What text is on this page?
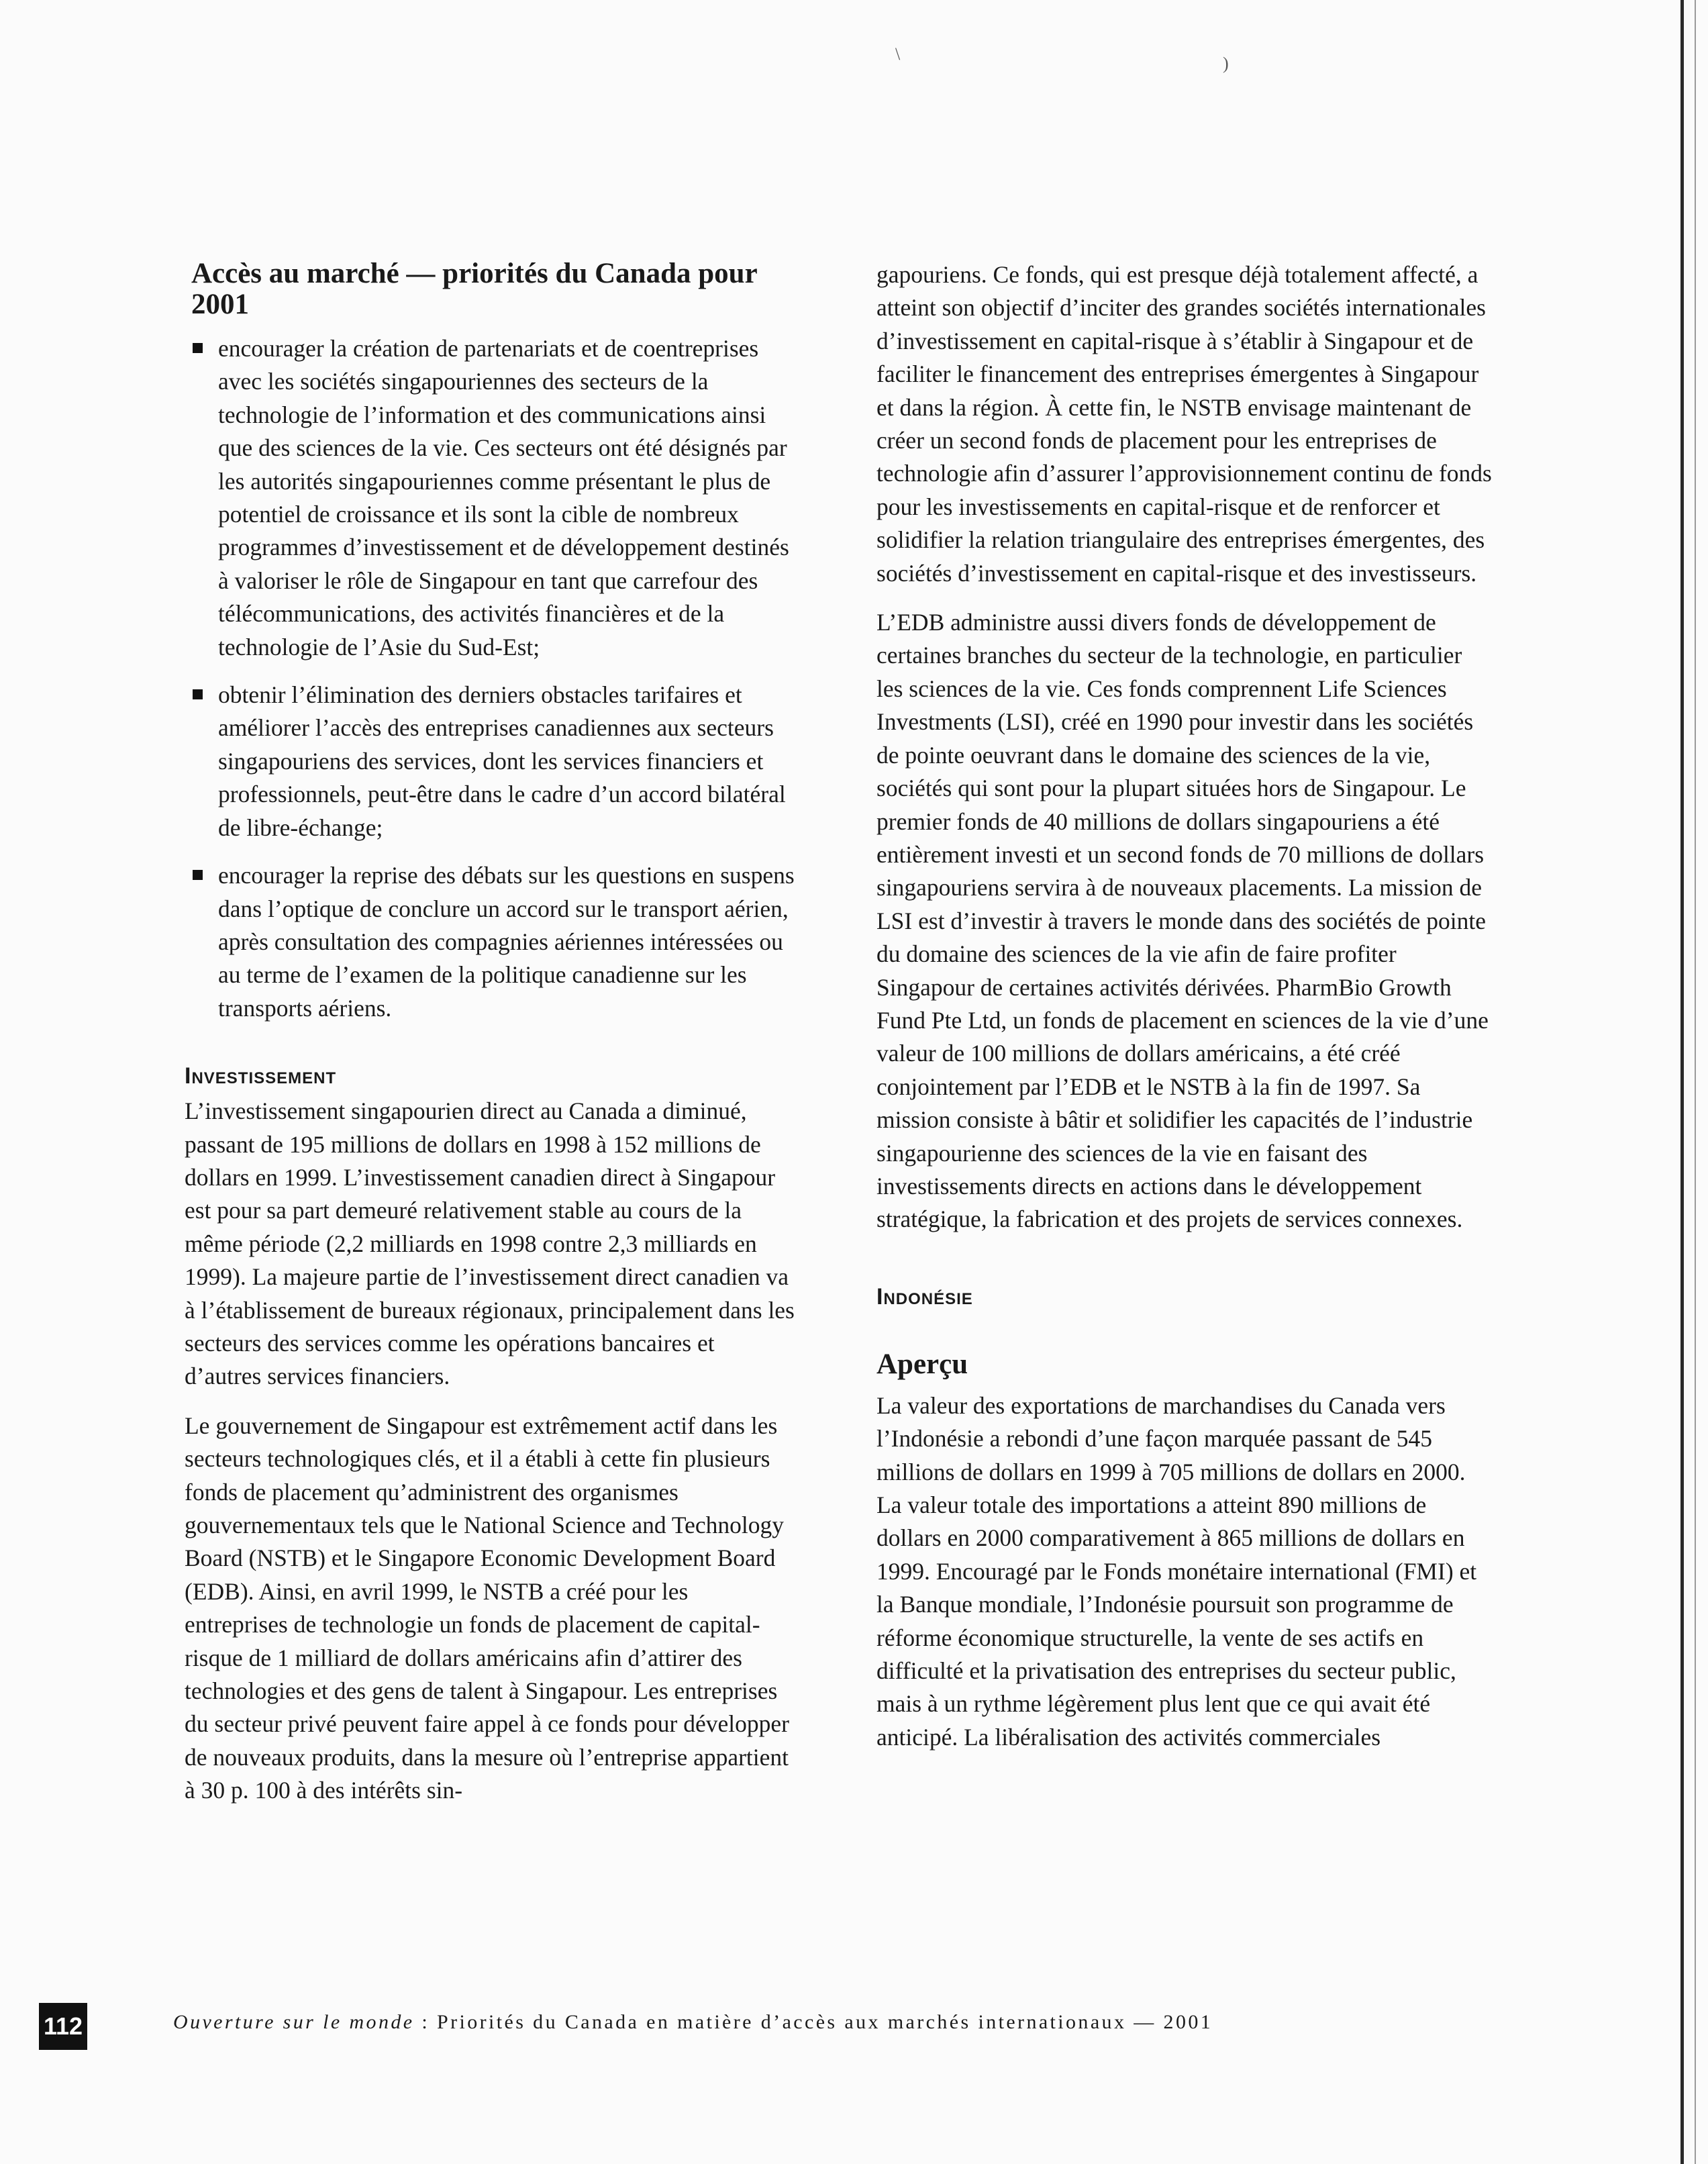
\	)
Accès au marché — priorités du Canada pour 2001
encourager la création de partenariats et de coentreprises avec les sociétés singapouriennes des secteurs de la technologie de l’information et des communications ainsi que des sciences de la vie. Ces secteurs ont été désignés par les autorités singapouriennes comme présentant le plus de potentiel de croissance et ils sont la cible de nombreux programmes d’investissement et de développement destinés à valoriser le rôle de Singapour en tant que carrefour des télécommunications, des activités financières et de la technologie de l’Asie du Sud-Est;
obtenir l’élimination des derniers obstacles tarifaires et améliorer l’accès des entreprises canadiennes aux secteurs singapouriens des services, dont les services financiers et professionnels, peut-être dans le cadre d’un accord bilatéral de libre-échange;
encourager la reprise des débats sur les questions en suspens dans l’optique de conclure un accord sur le transport aérien, après consultation des compagnies aériennes intéressées ou au terme de l’examen de la politique canadienne sur les transports aériens.
Investissement

L’investissement singapourien direct au Canada a diminué, passant de 195 millions de dollars en 1998 à 152 millions de dollars en 1999. L’investissement canadien direct à Singapour est pour sa part demeuré relativement stable au cours de la même période (2,2 milliards en 1998 contre 2,3 milliards en 1999). La majeure partie de l’investissement direct canadien va à l’établissement de bureaux régionaux, principalement dans les secteurs des services comme les opérations bancaires et d’autres services financiers.

Le gouvernement de Singapour est extrêmement actif dans les secteurs technologiques clés, et il a établi à cette fin plusieurs fonds de placement qu’administrent des organismes gouvernementaux tels que le National Science and Technology Board (NSTB) et le Singapore Economic Development Board (EDB). Ainsi, en avril 1999, le NSTB a créé pour les entreprises de technologie un fonds de placement de capital-risque de 1 milliard de dollars américains afin d’attirer des technologies et des gens de talent à Singapour. Les entreprises du secteur privé peuvent faire appel à ce fonds pour développer de nouveaux produits, dans la mesure où l’entreprise appartient à 30 p. 100 à des intérêts sin-

gapouriens. Ce fonds, qui est presque déjà totalement affecté, a atteint son objectif d’inciter des grandes sociétés internationales d’investissement en capital-risque à s’établir à Singapour et de faciliter le financement des entreprises émergentes à Singapour et dans la région. À cette fin, le NSTB envisage maintenant de créer un second fonds de placement pour les entreprises de technologie afin d’assurer l’approvisionnement continu de fonds pour les investissements en capital-risque et de renforcer et solidifier la relation triangulaire des entreprises émergentes, des sociétés d’investissement en capital-risque et des investisseurs.

L’EDB administre aussi divers fonds de développement de certaines branches du secteur de la technologie, en particulier les sciences de la vie. Ces fonds comprennent Life Sciences Investments (LSI), créé en 1990 pour investir dans les sociétés de pointe oeuvrant dans le domaine des sciences de la vie, sociétés qui sont pour la plupart situées hors de Singapour. Le premier fonds de 40 millions de dollars singapouriens a été entièrement investi et un second fonds de 70 millions de dollars singapouriens servira à de nouveaux placements. La mission de LSI est d’investir à travers le monde dans des sociétés de pointe du domaine des sciences de la vie afin de faire profiter Singapour de certaines activités dérivées. PharmBio Growth Fund Pte Ltd, un fonds de placement en sciences de la vie d’une valeur de 100 millions de dollars américains, a été créé conjointement par l’EDB et le NSTB à la fin de 1997. Sa mission consiste à bâtir et solidifier les capacités de l’industrie singapourienne des sciences de la vie en faisant des investissements directs en actions dans le développement stratégique, la fabrication et des projets de services connexes.

Indonésie
Aperçu

La valeur des exportations de marchandises du Canada vers l’Indonésie a rebondi d’une façon marquée passant de 545 millions de dollars en 1999 à 705 millions de dollars en 2000. La valeur totale des importations a atteint 890 millions de dollars en 2000 comparativement à 865 millions de dollars en 1999. Encouragé par le Fonds monétaire international (FMI) et la Banque mondiale, l’Indonésie poursuit son programme de réforme économique structurelle, la vente de ses actifs en difficulté et la privatisation des entreprises du secteur public, mais à un rythme légèrement plus lent que ce qui avait été anticipé. La libéralisation des activités commerciales

112	Ouverture sur le monde : Priorités du Canada en matière d’accès aux marchés internationaux — 2001
